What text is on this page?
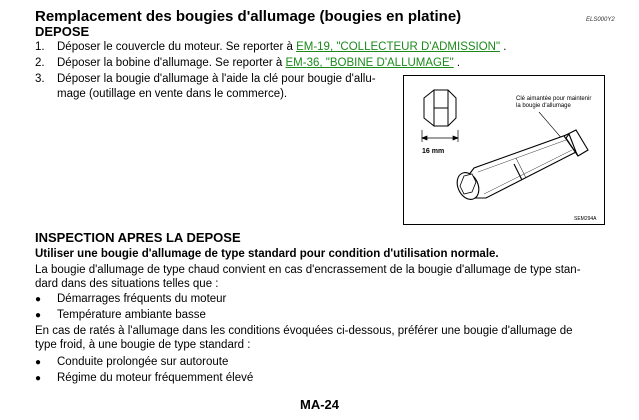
Remplacement des bougies d'allumage (bougies en platine)	ELS000Y2
DEPOSE
1. Déposer le couvercle du moteur. Se reporter à EM-19, "COLLECTEUR D'ADMISSION" .
2. Déposer la bobine d'allumage. Se reporter à EM-36, "BOBINE D'ALLUMAGE" .
3. Déposer la bougie d'allumage à l'aide la clé pour bougie d'allu-
mage (outillage en vente dans le commerce).	Clé aimantée pour maintenir
la bougie d'allumage
16 mm
SEM294A
INSPECTION APRES LA DEPOSE
Utiliser une bougie d'allumage de type standard pour condition d'utilisation normale.
La bougie d'allumage de type chaud convient en cas d'encrassement de la bougie d'allumage de type stan-
dard dans des situations telles que :
● Démarrages fréquents du moteur
● Température ambiante basse
En cas de ratés à l'allumage dans les conditions évoquées ci-dessous, préférer une bougie d'allumage de
type froid, à une bougie de type standard :
● Conduite prolongée sur autoroute
● Régime du moteur fréquemment élevé
MA-24
